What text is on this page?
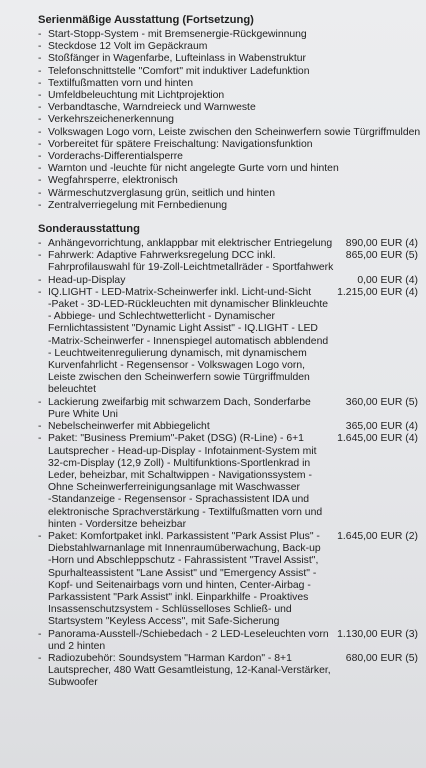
Serienmäßige Ausstattung (Fortsetzung)
- Start-Stopp-System - mit Bremsenergie-Rückgewinnung
- Steckdose 12 Volt im Gepäckraum
- Stoßfänger in Wagenfarbe, Lufteinlass in Wabenstruktur
- Telefonschnittstelle "Comfort" mit induktiver Ladefunktion
- Textilfußmatten vorn und hinten
- Umfeldbeleuchtung mit Lichtprojektion
- Verbandtasche, Warndreieck und Warnweste
- Verkehrszeichenerkennung
- Volkswagen Logo vorn, Leiste zwischen den Scheinwerfern sowie Türgriffmulden
- Vorbereitet für spätere Freischaltung: Navigationsfunktion
- Vorderachs-Differentialsperre
- Warnton und -leuchte für nicht angelegte Gurte vorn und hinten
- Wegfahrsperre, elektronisch
- Wärmeschutzverglasung grün, seitlich und hinten
- Zentralverriegelung mit Fernbedienung
Sonderausstattung
- Anhängevorrichtung, anklappbar mit elektrischer Entriegelung	890,00 EUR (4)
- Fahrwerk: Adaptive Fahrwerksregelung DCC inkl.	865,00 EUR (5)
Fahrprofilauswahl für 19-Zoll-Leichtmetallräder - Sportfahwerk
- Head-up-Display	0,00 EUR (4)
- IQ.LIGHT - LED-Matrix-Scheinwerfer inkl. Licht-und-Sicht	1.215,00 EUR (4)
-Paket - 3D-LED-Rückleuchten mit dynamischer Blinkleuchte
- Abbiege- und Schlechtwetterlicht - Dynamischer
Fernlichtassistent "Dynamic Light Assist" - IQ.LIGHT - LED
-Matrix-Scheinwerfer - Innenspiegel automatisch abblendend
- Leuchtweitenregulierung dynamisch, mit dynamischem
Kurvenfahrlicht - Regensensor - Volkswagen Logo vorn,
Leiste zwischen den Scheinwerfern sowie Türgriffmulden
beleuchtet
- Lackierung zweifarbig mit schwarzem Dach, Sonderfarbe	360,00 EUR (5)
Pure White Uni
- Nebelscheinwerfer mit Abbiegelicht	365,00 EUR (4)
- Paket: "Business Premium"-Paket (DSG) (R-Line) - 6+1	1.645,00 EUR (4)
Lautsprecher - Head-up-Display - Infotainment-System mit
32-cm-Display (12,9 Zoll) - Multifunktions-Sportlenkrad in
Leder, beheizbar, mit Schaltwippen - Navigationssystem -
Ohne Scheinwerferreinigungsanlage mit Waschwasser
-Standanzeige - Regensensor - Sprachassistent IDA und
elektronische Sprachverstärkung - Textilfußmatten vorn und
hinten - Vordersitze beheizbar
- Paket: Komfortpaket inkl. Parkassistent "Park Assist Plus" -	1.645,00 EUR (2)
Diebstahlwarnanlage mit Innenraumüberwachung, Back-up
-Horn und Abschleppschutz - Fahrassistent "Travel Assist",
Spurhalteassistent "Lane Assist" und "Emergency Assist" -
Kopf- und Seitenairbags vorn und hinten, Center-Airbag -
Parkassistent "Park Assist" inkl. Einparkhilfe - Proaktives
Insassenschutzsystem - Schlüsselloses Schließ- und
Startsystem "Keyless Access", mit Safe-Sicherung
- Panorama-Ausstell-/Schiebedach - 2 LED-Leseleuchten vorn 1.130,00 EUR (3)
und 2 hinten
- Radiozubehör: Soundsystem "Harman Kardon" - 8+1	680,00 EUR (5)
Lautsprecher, 480 Watt Gesamtleistung, 12-Kanal-Verstärker,
Subwoofer
